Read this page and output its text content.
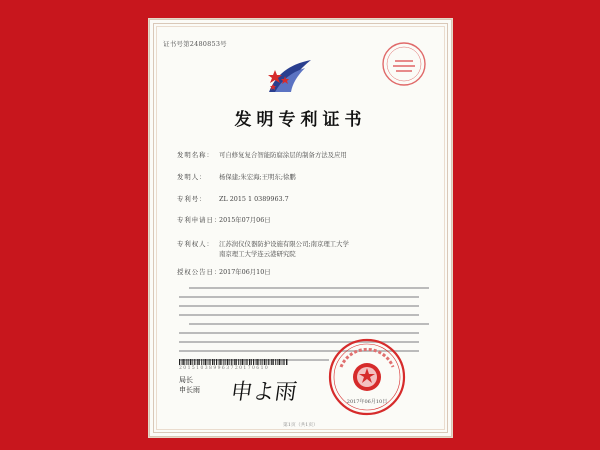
证书号第2480853号
发明专利证书
发明名称： 可自修复复合智能防腐涂层的制备方法及应用
发明人： 杨保建;朱宏海;王明东;徐鹏
专利号： ZL 2015 1 0389963.7
专利申请日：2015年07月06日
专利权人： 江苏润仪仪器防护设施有限公司;南京理工大学
南京理工大学连云港研究院
授权公告日：2017年06月10日
2 0 1 5 1 0 3 8 9 9 6 3 7 2 0 1 7 0 6 1 0
局长
申长雨 申よ雨	2017年06月10日
第1页（共1页）
